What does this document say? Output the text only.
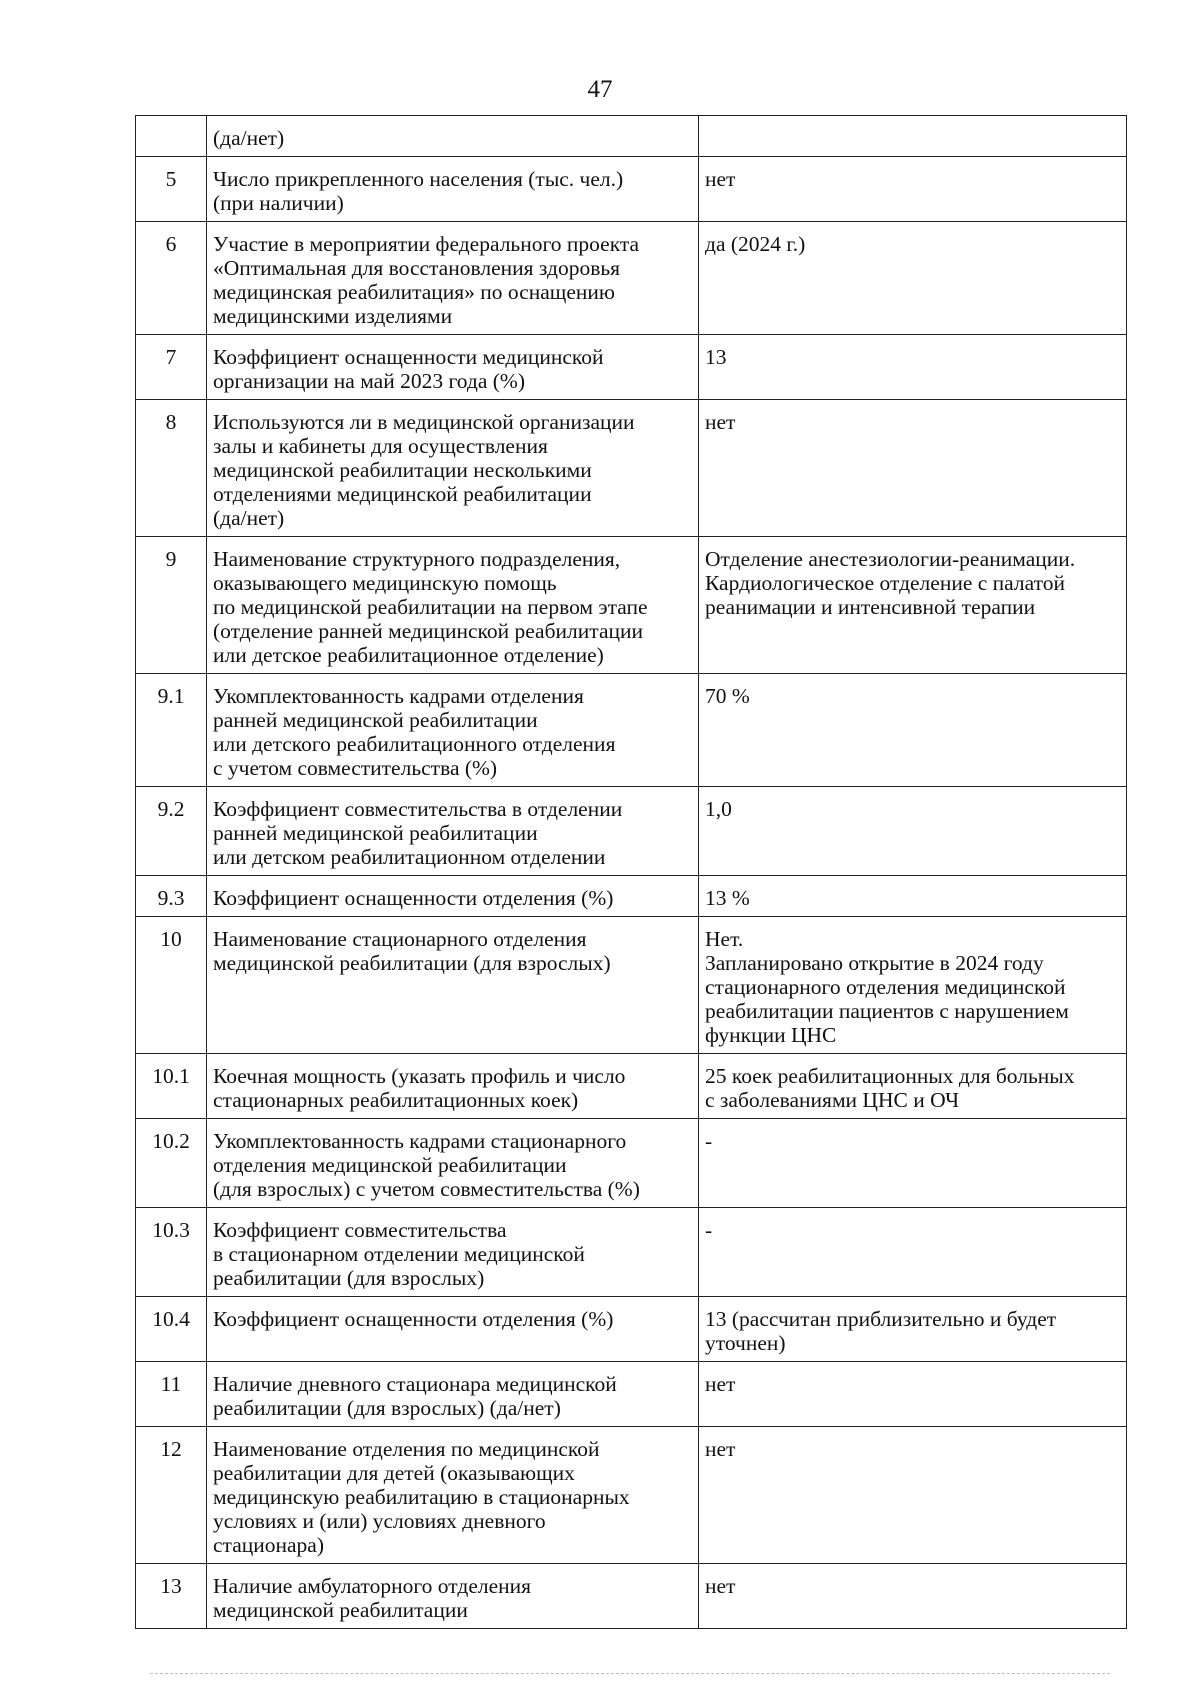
47

	(да/нет)	

5	Число прикрепленного населения (тыс. чел.)
(при наличии)	нет

6	Участие в мероприятии федерального проекта
«Оптимальная для восстановления здоровья
медицинская реабилитация» по оснащению
медицинскими изделиями	да (2024 г.)

7	Коэффициент оснащенности медицинской
организации на май 2023 года (%)	13

8	Используются ли в медицинской организации
залы и кабинеты для осуществления
медицинской реабилитации несколькими
отделениями медицинской реабилитации
(да/нет)	нет

9	Наименование структурного подразделения,
оказывающего медицинскую помощь
по медицинской реабилитации на первом этапе
(отделение ранней медицинской реабилитации
или детское реабилитационное отделение)	Отделение анестезиологии-реанимации.
Кардиологическое отделение с палатой
реанимации и интенсивной терапии

9.1	Укомплектованность кадрами отделения
ранней медицинской реабилитации
или детского реабилитационного отделения
с учетом совместительства (%)	70 %

9.2	Коэффициент совместительства в отделении
ранней медицинской реабилитации
или детском реабилитационном отделении	1,0

9.3	Коэффициент оснащенности отделения (%)	13 %

10	Наименование стационарного отделения
медицинской реабилитации (для взрослых)	Нет.
Запланировано открытие в 2024 году
стационарного отделения медицинской
реабилитации пациентов с нарушением
функции ЦНС

10.1	Коечная мощность (указать профиль и число
стационарных реабилитационных коек)	25 коек реабилитационных для больных
с заболеваниями ЦНС и ОЧ

10.2	Укомплектованность кадрами стационарного
отделения медицинской реабилитации
(для взрослых) с учетом совместительства (%)	-

10.3	Коэффициент совместительства
в стационарном отделении медицинской
реабилитации (для взрослых)	-

10.4	Коэффициент оснащенности отделения (%)	13 (рассчитан приблизительно и будет
уточнен)

11	Наличие дневного стационара медицинской
реабилитации (для взрослых) (да/нет)	нет

12	Наименование отделения по медицинской
реабилитации для детей (оказывающих
медицинскую реабилитацию в стационарных
условиях и (или) условиях дневного
стационара)	нет

13	Наличие амбулаторного отделения
медицинской реабилитации	нет
